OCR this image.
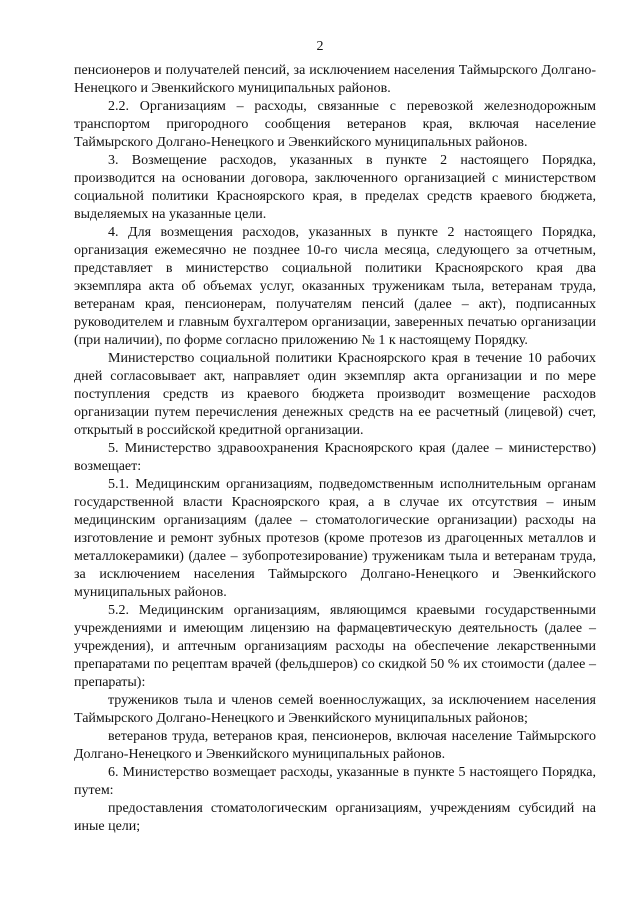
2

пенсионеров и получателей пенсий, за исключением населения Таймырского Долгано-Ненецкого и Эвенкийского муниципальных районов.

2.2. Организациям – расходы, связанные с перевозкой железнодорожным транспортом пригородного сообщения ветеранов края, включая население Таймырского Долгано-Ненецкого и Эвенкийского муниципальных районов.

3. Возмещение расходов, указанных в пункте 2 настоящего Порядка, производится на основании договора, заключенного организацией с министерством социальной политики Красноярского края, в пределах средств краевого бюджета, выделяемых на указанные цели.

4. Для возмещения расходов, указанных в пункте 2 настоящего Порядка, организация ежемесячно не позднее 10-го числа месяца, следующего за отчетным, представляет в министерство социальной политики Красноярского края два экземпляра акта об объемах услуг, оказанных труженикам тыла, ветеранам труда, ветеранам края, пенсионерам, получателям пенсий (далее – акт), подписанных руководителем и главным бухгалтером организации, заверенных печатью организации (при наличии), по форме согласно приложению № 1 к настоящему Порядку.

Министерство социальной политики Красноярского края в течение 10 рабочих дней согласовывает акт, направляет один экземпляр акта организации и по мере поступления средств из краевого бюджета производит возмещение расходов организации путем перечисления денежных средств на ее расчетный (лицевой) счет, открытый в российской кредитной организации.

5. Министерство здравоохранения Красноярского края (далее – министерство) возмещает:

5.1. Медицинским организациям, подведомственным исполнительным органам государственной власти Красноярского края, а в случае их отсутствия – иным медицинским организациям (далее – стоматологические организации) расходы на изготовление и ремонт зубных протезов (кроме протезов из драгоценных металлов и металлокерамики) (далее – зубопротезирование) труженикам тыла и ветеранам труда, за исключением населения Таймырского Долгано-Ненецкого и Эвенкийского муниципальных районов.

5.2. Медицинским организациям, являющимся краевыми государственными учреждениями и имеющим лицензию на фармацевтическую деятельность (далее – учреждения), и аптечным организациям расходы на обеспечение лекарственными препаратами по рецептам врачей (фельдшеров) со скидкой 50 % их стоимости (далее – препараты):

тружеников тыла и членов семей военнослужащих, за исключением населения Таймырского Долгано-Ненецкого и Эвенкийского муниципальных районов;

ветеранов труда, ветеранов края, пенсионеров, включая население Таймырского Долгано-Ненецкого и Эвенкийского муниципальных районов.

6. Министерство возмещает расходы, указанные в пункте 5 настоящего Порядка, путем:

предоставления стоматологическим организациям, учреждениям субсидий на иные цели;
